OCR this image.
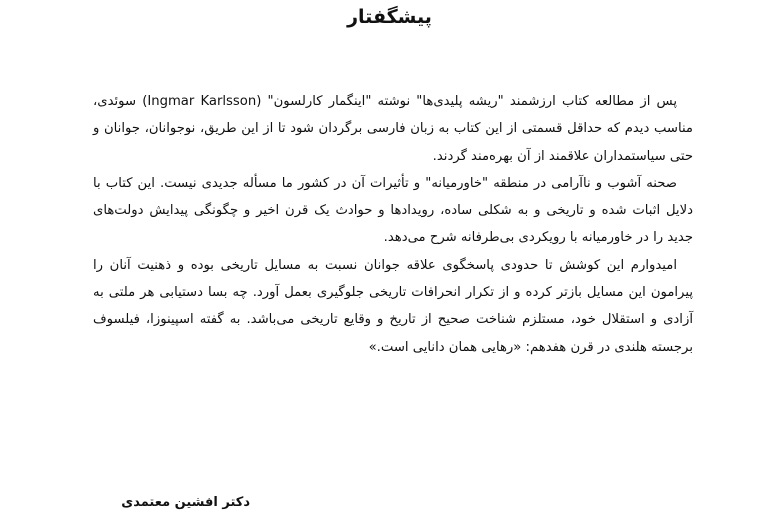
پیشگفتار

پس از مطالعه کتاب ارزشمند "ریشه پلیدی‌ها" نوشته "اینگمار کارلسون" (Ingmar Karlsson) سوئدی، مناسب دیدم که حداقل قسمتی از این کتاب به زبان فارسی برگردان شود تا از این طریق، نوجوانان، جوانان و حتی سیاستمداران علاقمند از آن بهره‌مند گردند.

صحنه آشوب و ناآرامی در منطقه "خاورمیانه" و تأثیرات آن در کشور ما مسأله جدیدی نیست. این کتاب با دلایل اثبات شده و تاریخی و به شکلی ساده، رویدادها و حوادث یک قرن اخیر و چگونگی پیدایش دولت‌های جدید را در خاورمیانه با رویکردی بی‌طرفانه شرح می‌دهد.

امیدوارم این کوشش تا حدودی پاسخگوی علاقه جوانان نسبت به مسایل تاریخی بوده و ذهنیت آنان را پیرامون این مسایل بازتر کرده و از تکرار انحرافات تاریخی جلوگیری بعمل آورد. چه بسا دستیابی هر ملتی به آزادی و استقلال خود، مستلزم شناخت صحیح از تاریخ و وقایع تاریخی می‌باشد. به گفته اسپینوزا، فیلسوف برجسته هلندی در قرن هفدهم: «رهایی همان دانایی است.»

دکتر افشین معتمدی
